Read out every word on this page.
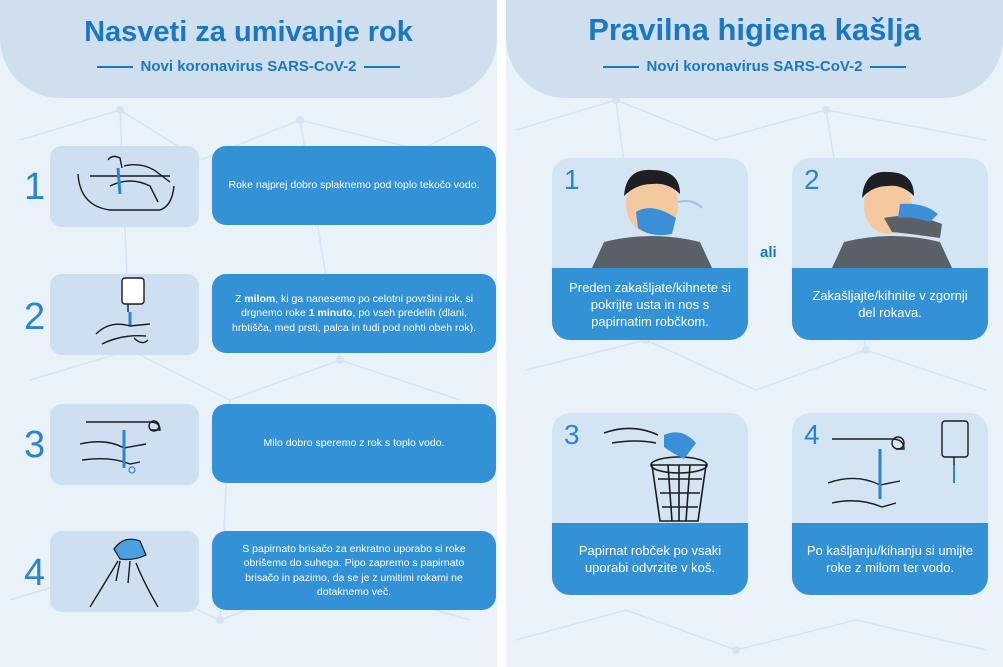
Nasveti za umivanje rok
Novi koronavirus SARS-CoV-2
1	Roke najprej dobro splaknemo pod toplo tekočo vodo.
2	Z milom, ki ga nanesemo po celotni površini rok, si drgnemo roke 1 minuto, po vseh predelih (dlani, hrbtišča, med prsti, palca in tudi pod nohti obeh rok).
3	Milo dobro speremo z rok s toplo vodo.
4
S papirnato brisačo za enkratno uporabo si roke obrišemo do suhega. Pipo zapremo s papirnato brisačo in pazimo, da se je z umitimi rokami ne dotaknemo več.
Pravilna higiena kašlja
Novi koronavirus SARS-CoV-2
1
Preden zakašljate/kihnete si pokrijte usta in nos s papirnatim robčkom.
ali
2
Zakašljajte/kihnite v zgornji del rokava.
3
Papirnat robček po vsaki uporabi odvrzite v koš.
4
Po kašljanju/kihanju si umijte roke z milom ter vodo.
